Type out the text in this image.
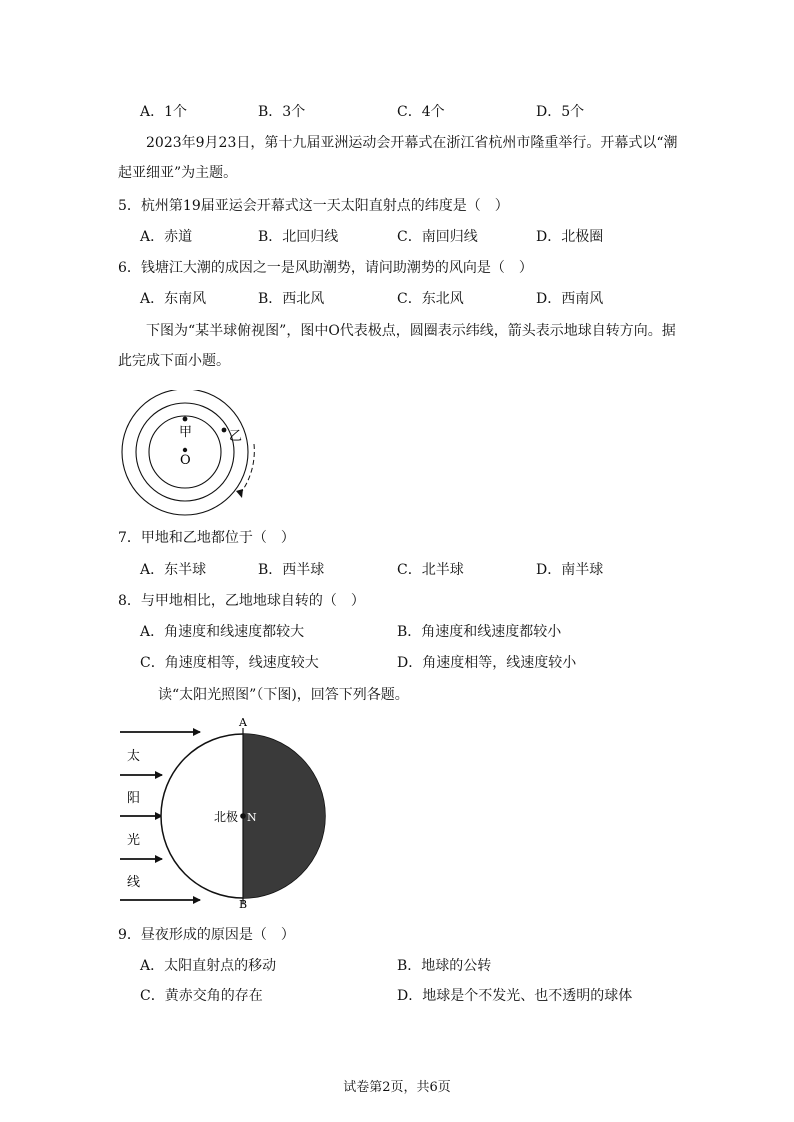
A．1个	B．3个	C．4个	D．5个
2023年9月23日，第十九届亚洲运动会开幕式在浙江省杭州市隆重举行。开幕式以“潮起亚细亚”为主题。
5．杭州第19届亚运会开幕式这一天太阳直射点的纬度是（　）
A．赤道	B．北回归线	C．南回归线	D．北极圈
6．钱塘江大潮的成因之一是风助潮势，请问助潮势的风向是（　）
A．东南风	B．西北风	C．东北风	D．西南风
下图为“某半球俯视图”，图中O代表极点，圆圈表示纬线，箭头表示地球自转方向。据此完成下面小题。
甲	乙
O
7．甲地和乙地都位于（　）
A．东半球	B．西半球	C．北半球	D．南半球
8．与甲地相比，乙地地球自转的（　）
A．角速度和线速度都较大	B．角速度和线速度都较小
C．角速度相等，线速度较大	D．角速度相等，线速度较小
读“太阳光照图”（下图)，回答下列各题。
太
阳
光
线
北极 N
A
B
9．昼夜形成的原因是（　）
A．太阳直射点的移动	B．地球的公转
C．黄赤交角的存在	D．地球是个不发光、也不透明的球体
试卷第2页，共6页
